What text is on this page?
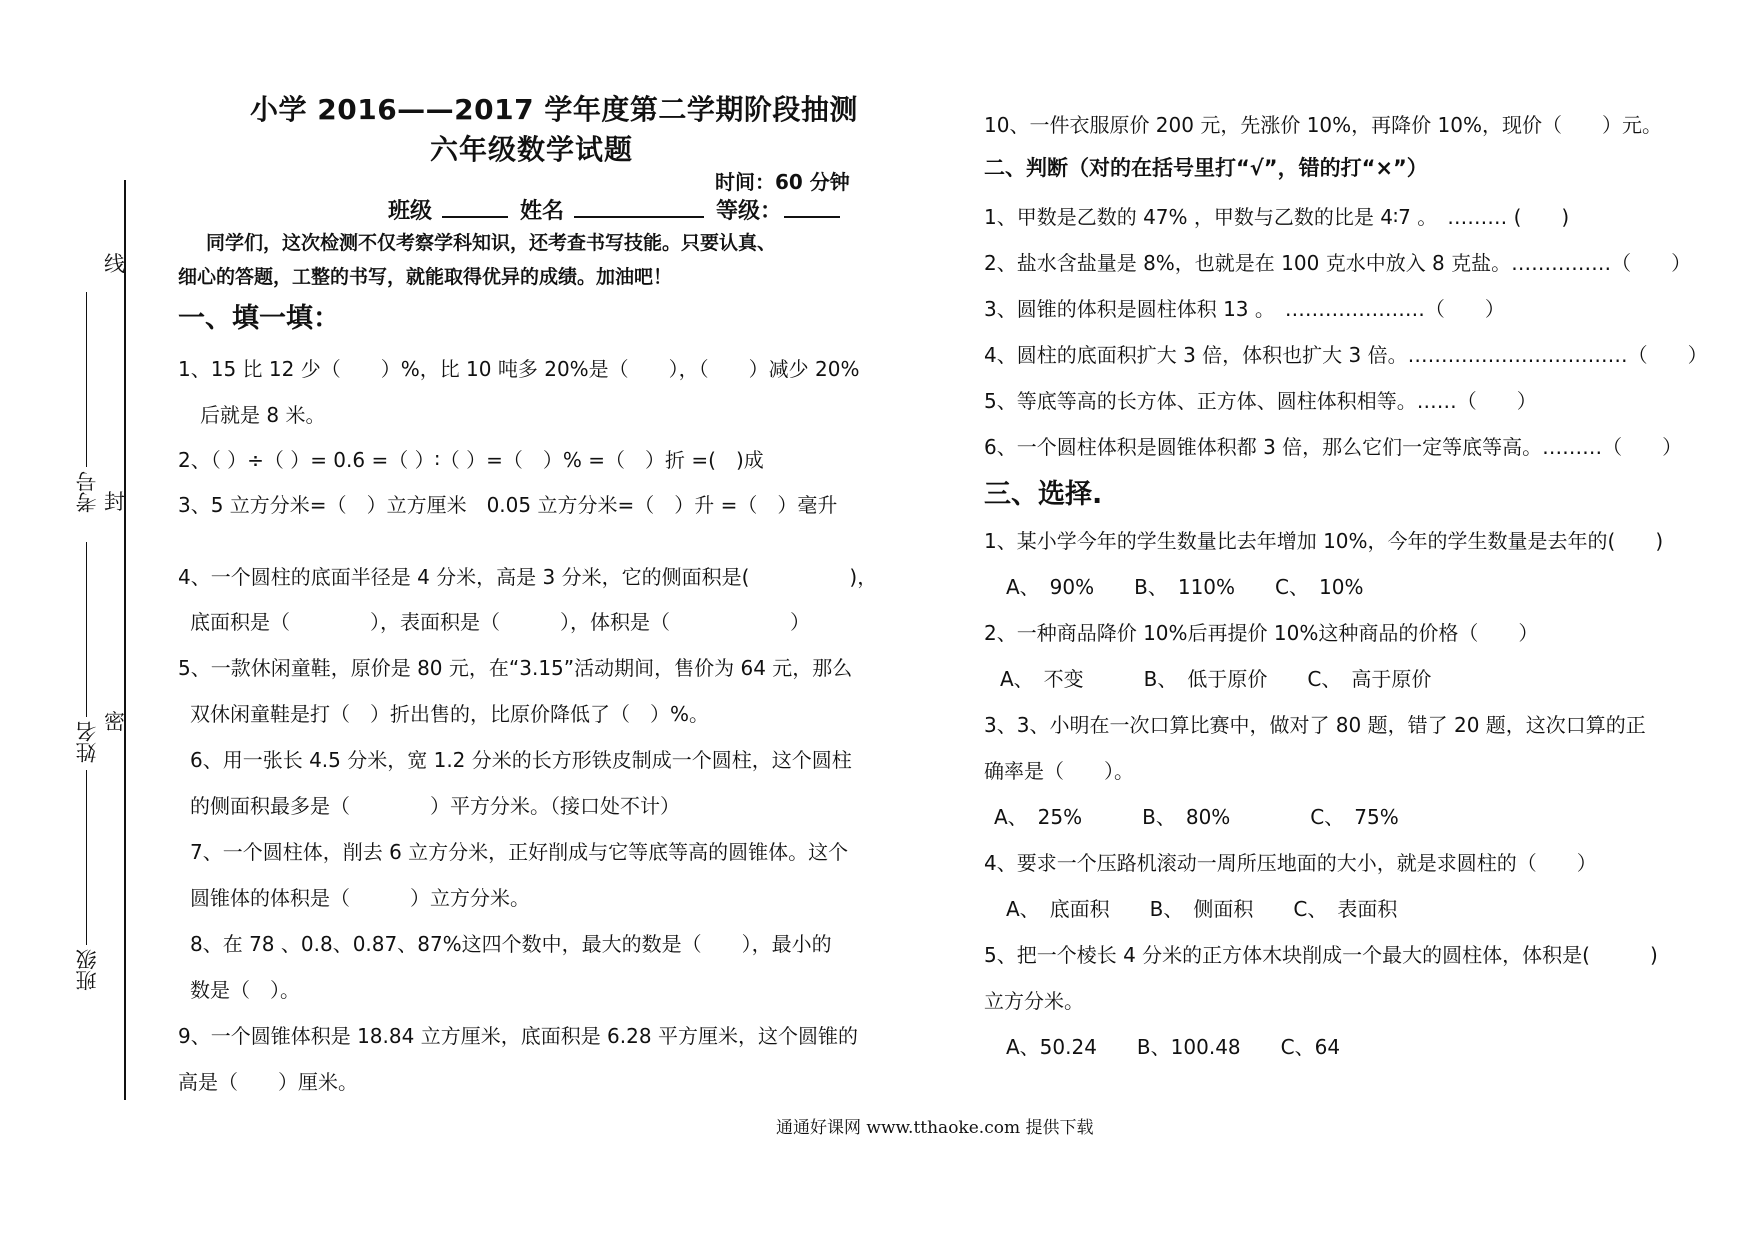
线
封
密
考号
姓名
班级
小学 2016——2017 学年度第二学期阶段抽测
六年级数学试题
时间：60 分钟
班级	姓名	等级：
同学们，这次检测不仅考察学科知识，还考查书写技能。只要认真、
细心的答题，工整的书写，就能取得优异的成绩。加油吧！
一、填一填：
1、15 比 12 少（　　）%，比 10 吨多 20%是（　　），（　　）减少 20%
后就是 8 米。
2、（ ）÷（ ）= 0.6 =（ ）∶（ ）=（　）% =（　）折 =(　)成
3、5 立方分米=（　）立方厘米　0.05 立方分米=（　）升 =（　）毫升
4、一个圆柱的底面半径是 4 分米，高是 3 分米，它的侧面积是(　　　　　)，
底面积是（　　　　），表面积是（　　　），体积是（　　　　　　）
5、一款休闲童鞋，原价是 80 元，在“3.15”活动期间，售价为 64 元，那么
双休闲童鞋是打（　）折出售的，比原价降低了（　）%。
6、用一张长 4.5 分米，宽 1.2 分米的长方形铁皮制成一个圆柱，这个圆柱
的侧面积最多是（　　　　）平方分米。（接口处不计）
7、一个圆柱体，削去 6 立方分米，正好削成与它等底等高的圆锥体。这个
圆锥体的体积是（　　　）立方分米。
8、在 78 、0.8、0.87、87%这四个数中，最大的数是（　　），最小的
数是（　）。
9、一个圆锥体积是 18.84 立方厘米，底面积是 6.28 平方厘米，这个圆锥的
高是（　　）厘米。
10、一件衣服原价 200 元，先涨价 10%，再降价 10%，现价（　　）元。
二、判断（对的在括号里打“√”，错的打“×”）
1、甲数是乙数的 47% ，甲数与乙数的比是 4∶7 。　……… (　　)
2、盐水含盐量是 8%，也就是在 100 克水中放入 8 克盐。……………（　　）
3、圆锥的体积是圆柱体积 13 。　…………………（　　）
4、圆柱的底面积扩大 3 倍，体积也扩大 3 倍。……………………………（　　）
5、等底等高的长方体、正方体、圆柱体积相等。……（　　）
6、一个圆柱体积是圆锥体积都 3 倍，那么它们一定等底等高。………（　　）
三、选择.
1、某小学今年的学生数量比去年增加 10%，今年的学生数量是去年的(　　)
A、　90%　　B、　110%　　C、　10%
2、一种商品降价 10%后再提价 10%这种商品的价格（　　）
A、　不变　　　B、　低于原价　　C、　高于原价
3、3、小明在一次口算比赛中，做对了 80 题，错了 20 题，这次口算的正
确率是（　　）。
A、　25%　　　B、　80%　　　　C、　75%
4、要求一个压路机滚动一周所压地面的大小，就是求圆柱的（　　）
A、　底面积　　B、　侧面积　　C、　表面积
5、把一个棱长 4 分米的正方体木块削成一个最大的圆柱体，体积是(　　　)
立方分米。
A、50.24　　B、100.48　　C、64
通通好课网 www.tthaoke.com 提供下载
